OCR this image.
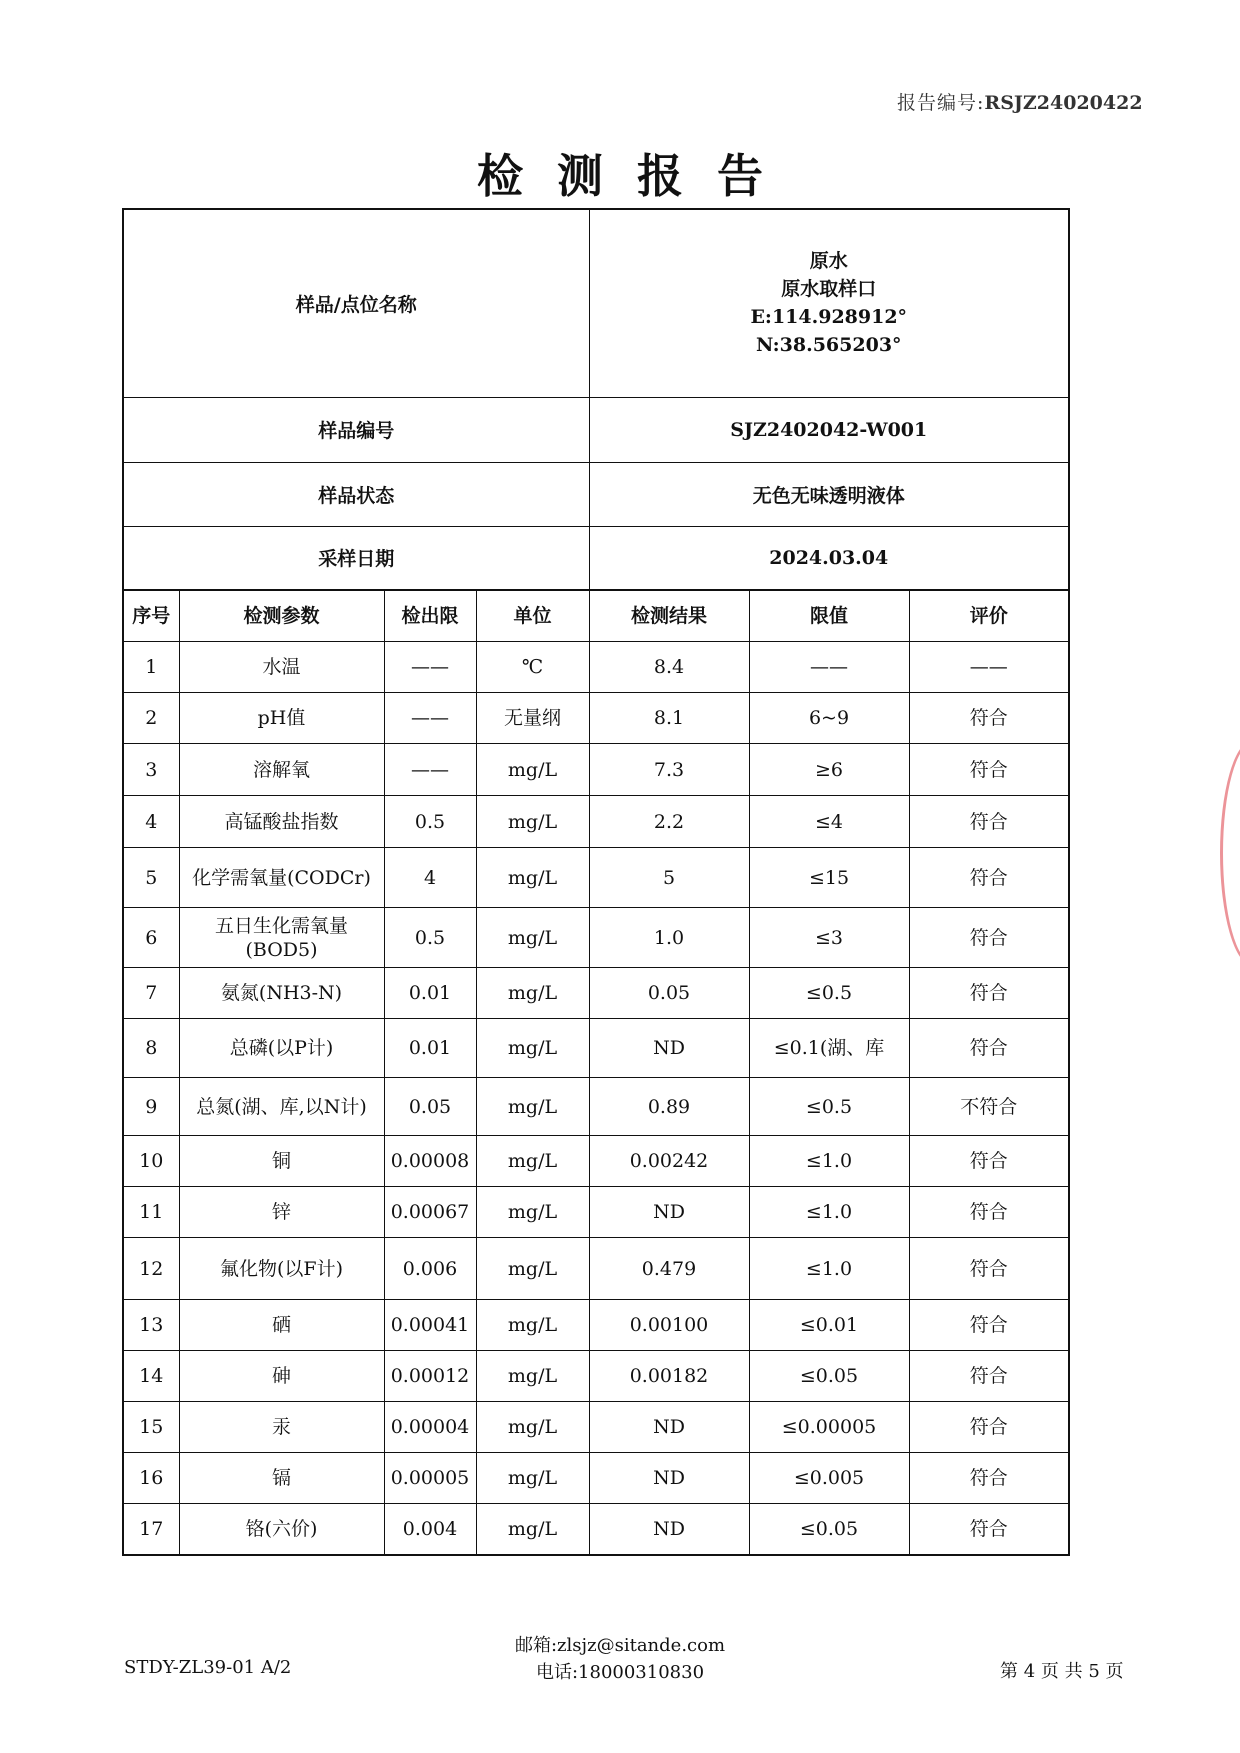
报告编号:RSJZ24020422
检测报告
样品/点位名称	原水
原水取样口
E:114.928912°
N:38.565203°

样品编号	SJZ2402042-W001
样品状态	无色无味透明液体
采样日期	2024.03.04
序号	检测参数	检出限	单位	检测结果	限值	评价
1	水温	——	℃	8.4	——	——
2	pH值	——	无量纲	8.1	6~9	符合
3	溶解氧	——	mg/L	7.3	≥6	符合
4	高锰酸盐指数	0.5	mg/L	2.2	≤4	符合
5	化学需氧量(CODCr)	4	mg/L	5	≤15	符合
6	五日生化需氧量(BOD5)	0.5	mg/L	1.0	≤3	符合
7	氨氮(NH3-N)	0.01	mg/L	0.05	≤0.5	符合
8	总磷(以P计)	0.01	mg/L	ND	≤0.1(湖、库	符合
9	总氮(湖、库,以N计)	0.05	mg/L	0.89	≤0.5	不符合
10	铜	0.00008	mg/L	0.00242	≤1.0	符合
11	锌	0.00067	mg/L	ND	≤1.0	符合
12	氟化物(以F计)	0.006	mg/L	0.479	≤1.0	符合
13	硒	0.00041	mg/L	0.00100	≤0.01	符合
14	砷	0.00012	mg/L	0.00182	≤0.05	符合
15	汞	0.00004	mg/L	ND	≤0.00005	符合
16	镉	0.00005	mg/L	ND	≤0.005	符合
17	铬(六价)	0.004	mg/L	ND	≤0.05	符合
STDY-ZL39-01 A/2
邮箱:zlsjz@sitande.com
电话:18000310830	第 4 页 共 5 页
